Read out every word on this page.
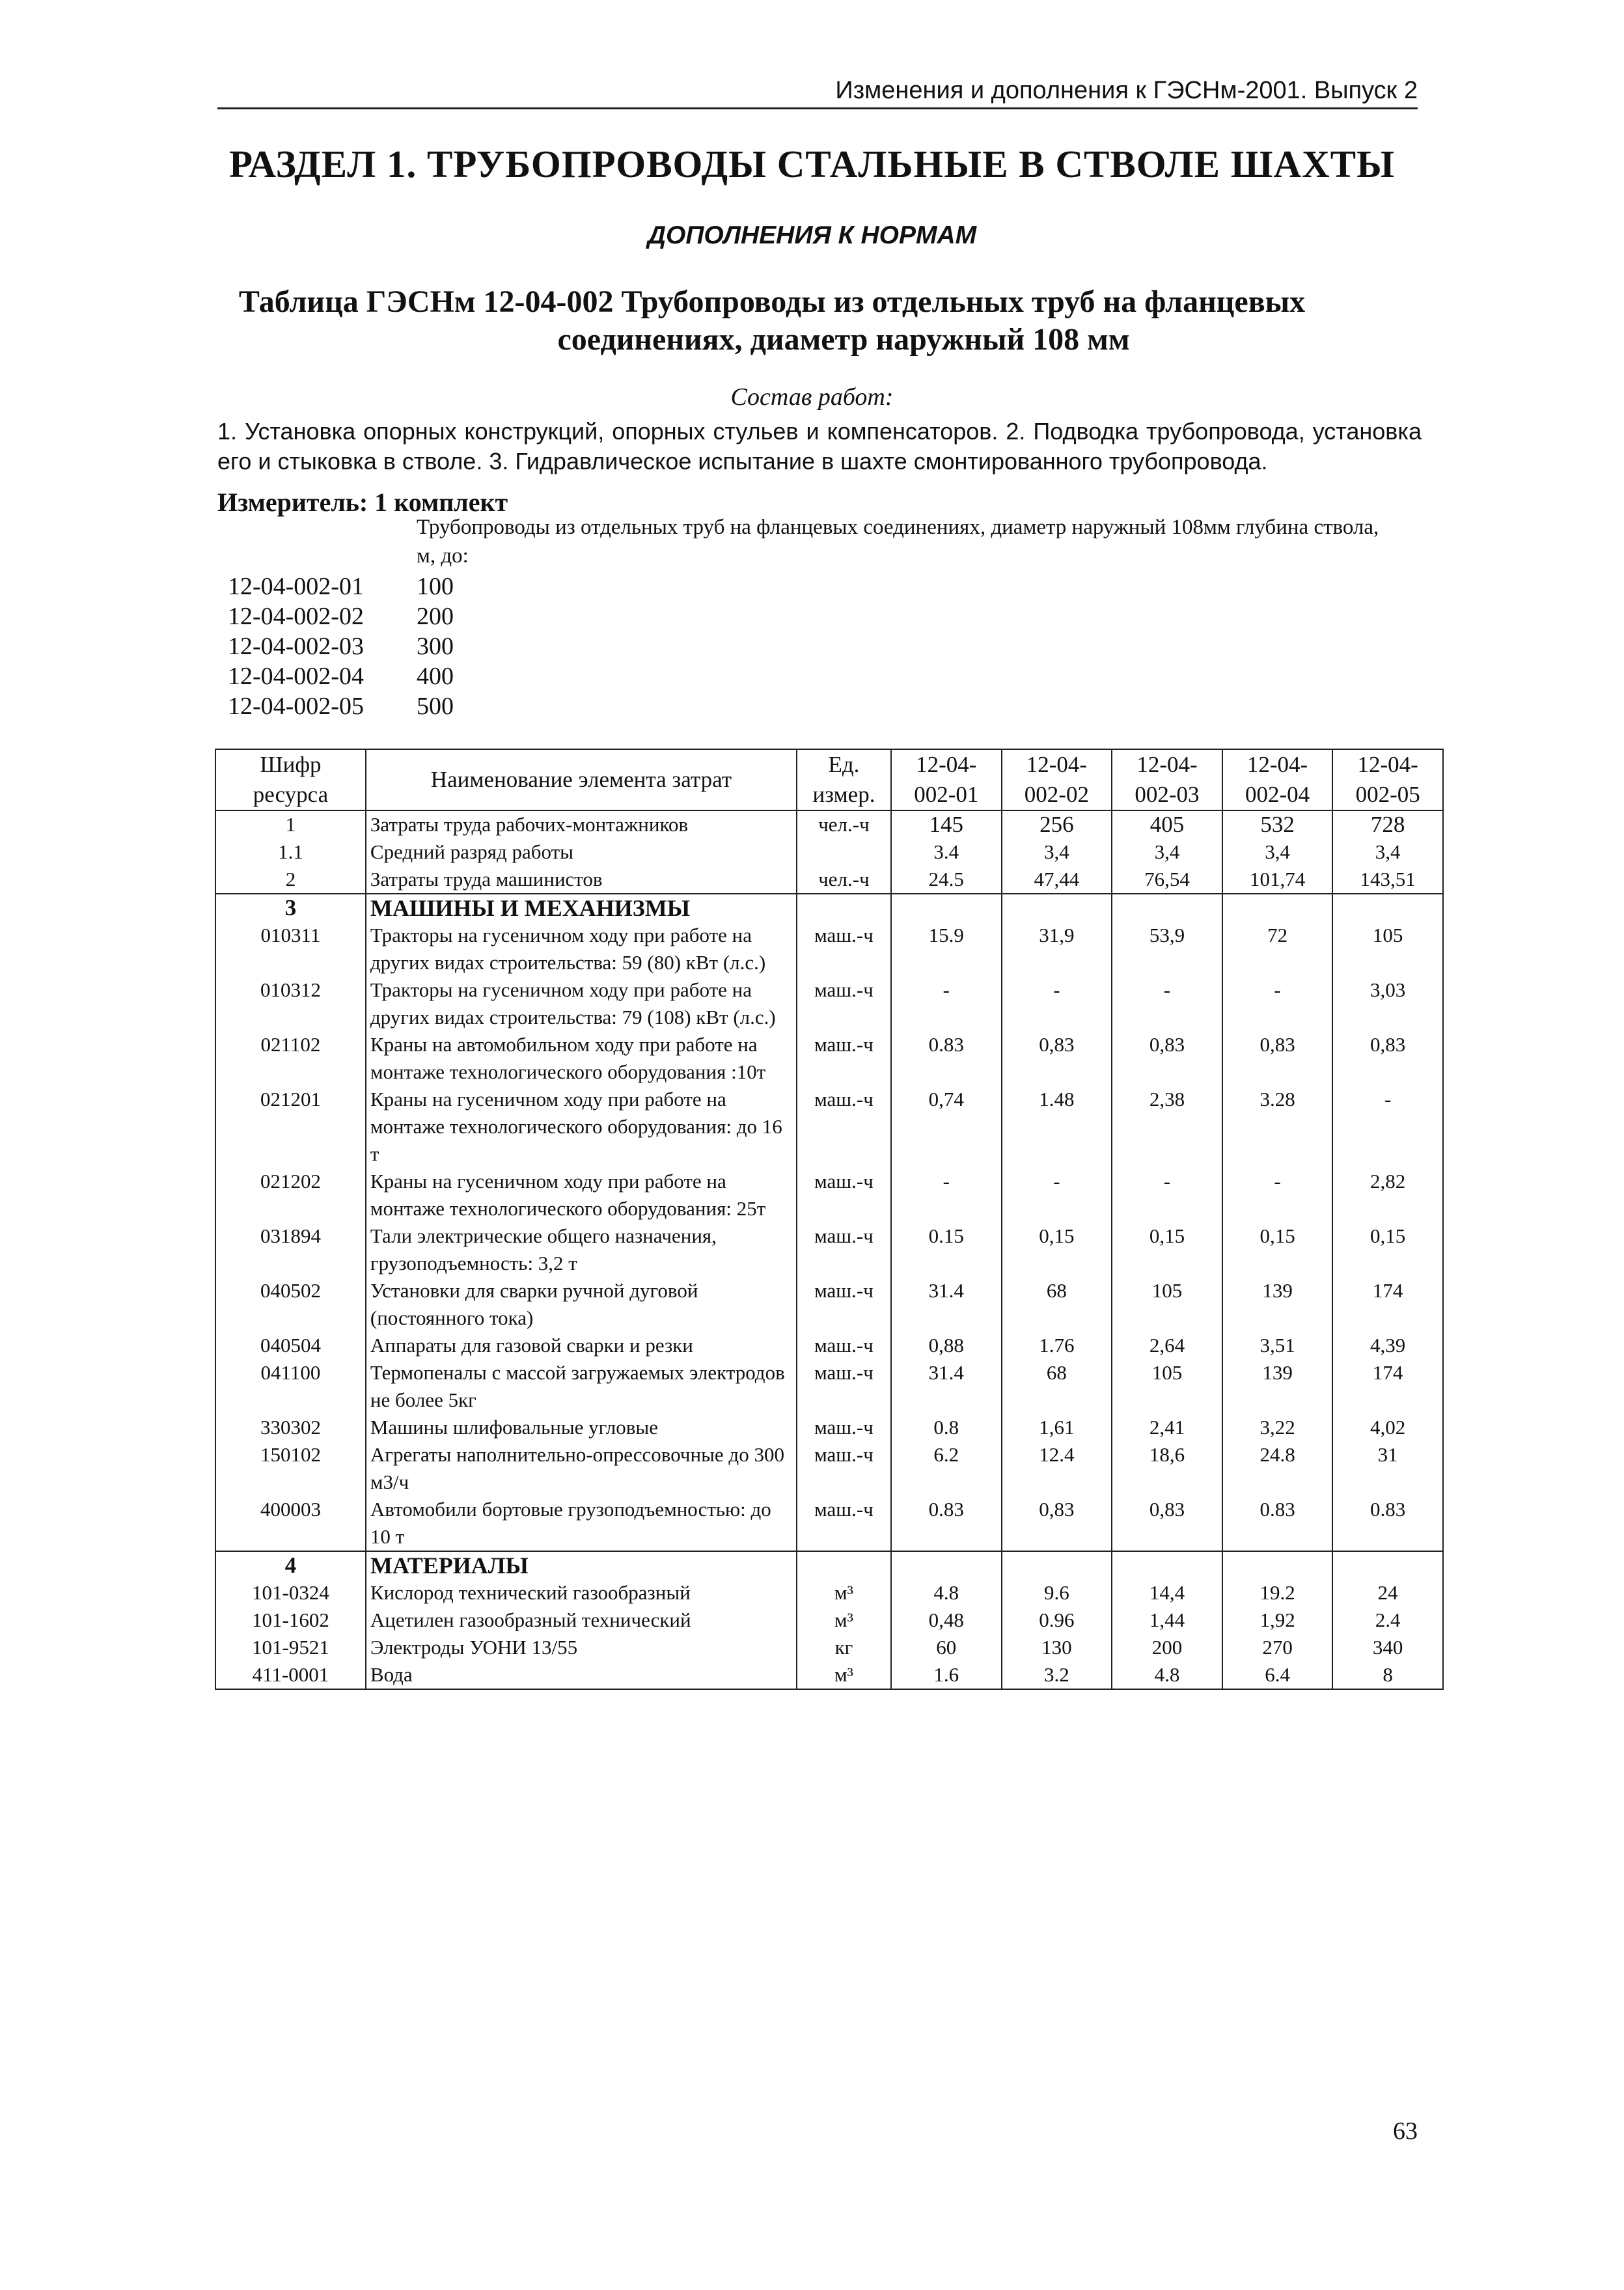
Изменения и дополнения к ГЭСНм-2001. Выпуск 2
РАЗДЕЛ 1. ТРУБОПРОВОДЫ СТАЛЬНЫЕ В СТВОЛЕ ШАХТЫ
ДОПОЛНЕНИЯ К НОРМАМ
Таблица ГЭСНм 12-04-002 Трубопроводы из отдельных труб на фланцевых
соединениях, диаметр наружный 108 мм
Состав работ:
1. Установка опорных конструкций, опорных стульев и компенсаторов. 2. Подводка трубопровода, установка его и стыковка в стволе. 3. Гидравлическое испытание в шахте смонтированного трубопровода.
Измеритель: 1 комплект
Трубопроводы из отдельных труб на фланцевых соединениях, диаметр наружный 108мм глубина ствола, м, до:
12-04-002-01	100
12-04-002-02	200
12-04-002-03	300
12-04-002-04	400
12-04-002-05	500
Шифр ресурса	Наименование элемента затрат	Ед. измер.	12-04-002-01	12-04-002-02	12-04-002-03	12-04-002-04	12-04-002-05
1	Затраты труда рабочих-монтажников	чел.-ч	145	256	405	532	728
1.1	Средний разряд работы		3.4	3,4	3,4	3,4	3,4
2	Затраты труда машинистов	чел.-ч	24.5	47,44	76,54	101,74	143,51
3	МАШИНЫ И МЕХАНИЗМЫ						
010311	Тракторы на гусеничном ходу при работе на других видах строительства: 59 (80) кВт (л.с.)	маш.-ч	15.9	31,9	53,9	72	105
010312	Тракторы на гусеничном ходу при работе на других видах строительства: 79 (108) кВт (л.с.)	маш.-ч	-	-	-	-	3,03
021102	Краны на автомобильном ходу при работе на монтаже технологического оборудования :10т	маш.-ч	0.83	0,83	0,83	0,83	0,83
021201	Краны на гусеничном ходу при работе на монтаже технологического оборудования: до 16 т	маш.-ч	0,74	1.48	2,38	3.28	-
021202	Краны на гусеничном ходу при работе на монтаже технологического оборудования: 25т	маш.-ч	-	-	-	-	2,82
031894	Тали электрические общего назначения, грузоподъемность: 3,2 т	маш.-ч	0.15	0,15	0,15	0,15	0,15
040502	Установки для сварки ручной дуговой (постоянного тока)	маш.-ч	31.4	68	105	139	174
040504	Аппараты для газовой сварки и резки	маш.-ч	0,88	1.76	2,64	3,51	4,39
041100	Термопеналы с массой загружаемых электродов не более 5кг	маш.-ч	31.4	68	105	139	174
330302	Машины шлифовальные угловые	маш.-ч	0.8	1,61	2,41	3,22	4,02
150102	Агрегаты наполнительно-опрессовочные до 300 м3/ч	маш.-ч	6.2	12.4	18,6	24.8	31
400003	Автомобили бортовые грузоподъемностью: до 10 т	маш.-ч	0.83	0,83	0,83	0.83	0.83
4	МАТЕРИАЛЫ						
101-0324	Кислород технический газообразный	м³	4.8	9.6	14,4	19.2	24
101-1602	Ацетилен газообразный технический	м³	0,48	0.96	1,44	1,92	2.4
101-9521	Электроды УОНИ 13/55	кг	60	130	200	270	340
411-0001	Вода	м³	1.6	3.2	4.8	6.4	8
63
